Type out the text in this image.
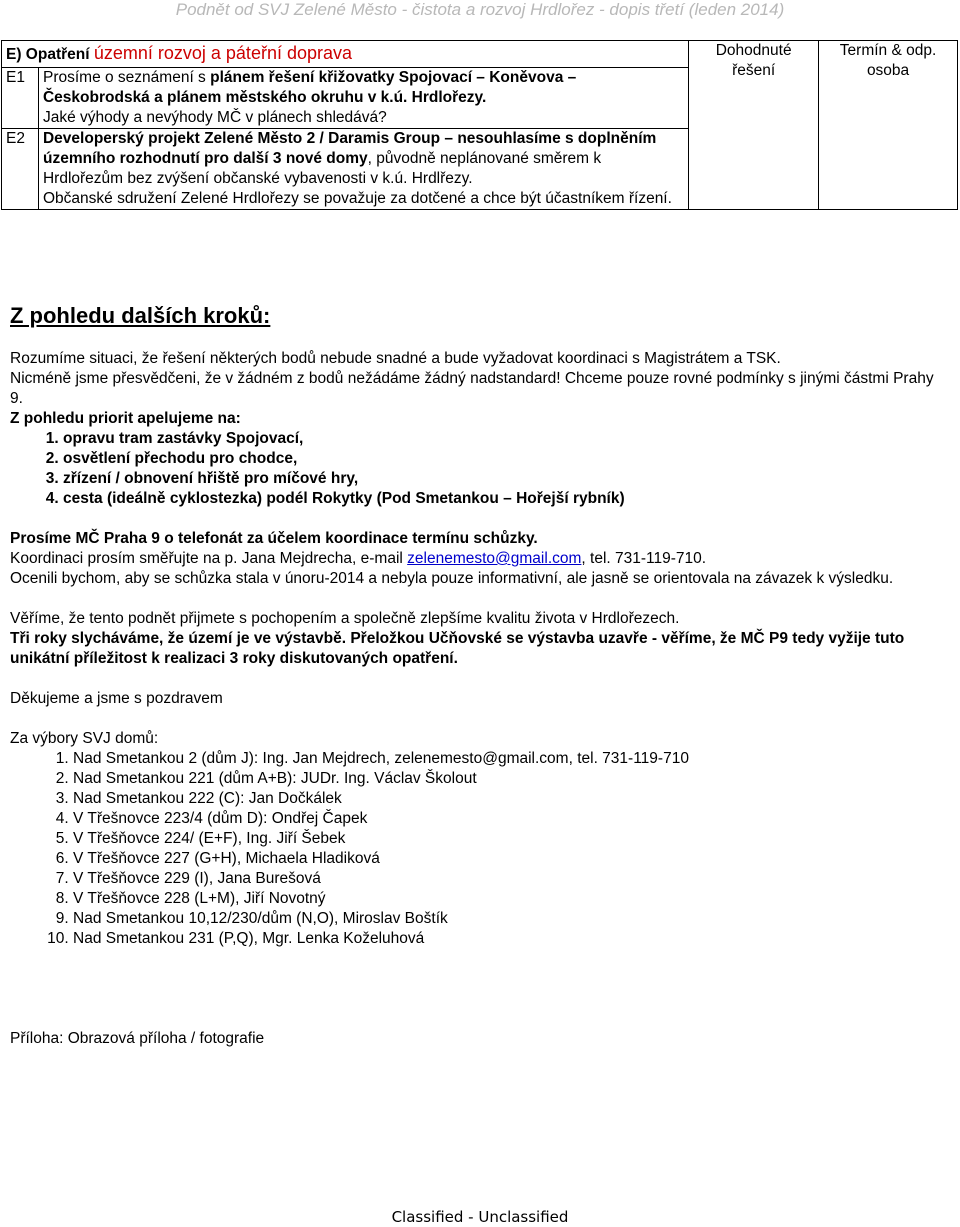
Podnět od SVJ Zelené Město - čistota a rozvoj Hrdlořez - dopis třetí (leden 2014)
E) Opatření územní rozvoj a páteřní doprava		Dohodnuté řešení	Termín & odp. osoba
E1	Prosíme o seznámení s plánem řešení křižovatky Spojovací – Koněvova – Českobrodská a plánem městského okruhu v k.ú. Hrdlořezy.
Jaké výhody a nevýhody MČ v plánech shledává?		
E2	Developerský projekt Zelené Město 2 / Daramis Group – nesouhlasíme s doplněním územního rozhodnutí pro další 3 nové domy, původně neplánované směrem k Hrdlořezům bez zvýšení občanské vybavenosti v k.ú. Hrdlřezy.
Občanské sdružení Zelené Hrdlořezy se považuje za dotčené a chce být účastníkem řízení.		
Z pohledu dalších kroků:

Rozumíme situaci, že řešení některých bodů nebude snadné a bude vyžadovat koordinaci s Magistrátem a TSK.

Nicméně jsme přesvědčeni, že v žádném z bodů nežádáme žádný nadstandard! Chceme pouze rovné podmínky s jinými částmi Prahy 9.

Z pohledu priorit apelujeme na:

1. opravu tram zastávky Spojovací,
2. osvětlení přechodu pro chodce,
3. zřízení / obnovení hřiště pro míčové hry,
4. cesta (ideálně cyklostezka) podél Rokytky (Pod Smetankou – Hořejší rybník)

Prosíme MČ Praha 9 o telefonát za účelem koordinace termínu schůzky.

Koordinaci prosím směřujte na p. Jana Mejdrecha, e-mail zelenemesto@gmail.com, tel. 731-119-710.

Ocenili bychom, aby se schůzka stala v únoru-2014 a nebyla pouze informativní, ale jasně se orientovala na závazek k výsledku.

Věříme, že tento podnět přijmete s pochopením a společně zlepšíme kvalitu života v Hrdlořezech.

Tři roky slycháváme, že území je ve výstavbě. Přeložkou Učňovské se výstavba uzavře - věříme, že MČ P9 tedy vyžije tuto unikátní příležitost k realizaci 3 roky diskutovaných opatření.

Děkujeme a jsme s pozdravem

Za výbory SVJ domů:

1. Nad Smetankou 2 (dům J): Ing. Jan Mejdrech, zelenemesto@gmail.com, tel. 731-119-710
2. Nad Smetankou 221 (dům A+B): JUDr. Ing. Václav Školout
3. Nad Smetankou 222 (C): Jan Dočkálek
4. V Třešnovce 223/4 (dům D): Ondřej Čapek
5. V Třešňovce 224/ (E+F), Ing. Jiří Šebek
6. V Třešňovce 227 (G+H), Michaela Hladiková
7. V Třešňovce 229 (I), Jana Burešová
8. V Třešňovce 228 (L+M), Jiří Novotný
9. Nad Smetankou 10,12/230/dům (N,O), Miroslav Boštík
10. Nad Smetankou 231 (P,Q), Mgr. Lenka Koželuhová

Příloha: Obrazová příloha / fotografie

Classified - Unclassified
